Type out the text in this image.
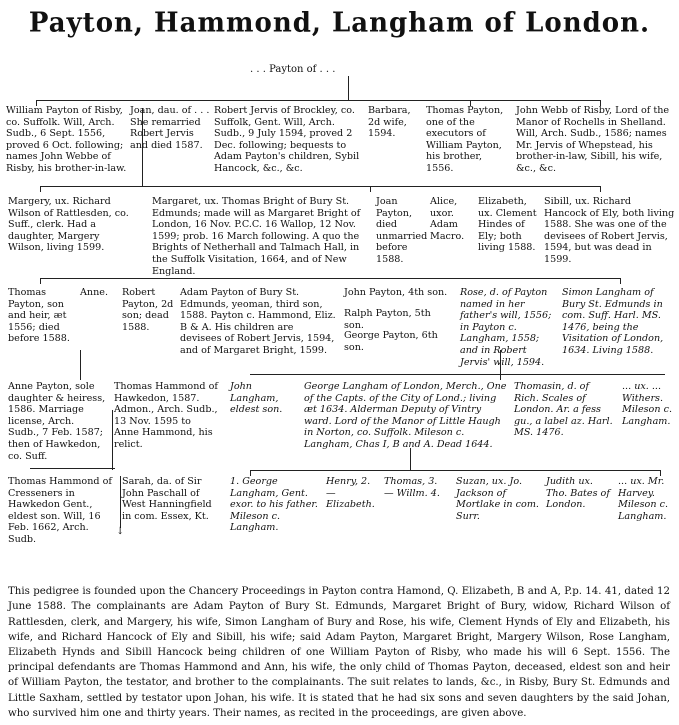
Payton, Hammond, Langham of London.
. . . Payton of . . .
↓

William Payton of Risby, co. Suffolk. Will, Arch. Sudb., 6 Sept. 1556, proved 6 Oct. following; names John Webbe of Risby, his brother-in-law.

Joan, dau. of . . . She remarried Robert Jervis and died 1587.

Robert Jervis of Brockley, co. Suffolk, Gent. Will, Arch. Sudb., 9 July 1594, proved 2 Dec. following; bequests to Adam Payton's children, Sybil Hancock, &c., &c.

Barbara, 2d wife, 1594.

Thomas Payton, one of the executors of William Payton, his brother, 1556.

John Webb of Risby, Lord of the Manor of Rochells in Shelland. Will, Arch. Sudb., 1586; names Mr. Jervis of Whepstead, his brother-in-law, Sibill, his wife, &c., &c.

Margery, ux. Richard Wilson of Rattlesden, co. Suff., clerk. Had a daughter, Margery Wilson, living 1599.

Margaret, ux. Thomas Bright of Bury St. Edmunds; made will as Margaret Bright of London, 16 Nov. P.C.C. 16 Wallop, 12 Nov. 1599; prob. 16 March following. A quo the Brights of Netherhall and Talmach Hall, in the Suffolk Visitation, 1664, and of New England.

Joan Payton, died unmarried before 1588.

Alice, uxor. Adam Macro.

Elizabeth, ux. Clement Hindes of Ely; both living 1588.

Sibill, ux. Richard Hancock of Ely, both living 1588. She was one of the devisees of Robert Jervis, 1594, but was dead in 1599.

Thomas Payton, son and heir, æt 1556; died before 1588.

Anne.	Robert Payton, 2d son; dead 1588.

Adam Payton of Bury St. Edmunds, yeoman, third son, 1588. Payton c. Hammond, Eliz. B & A. His children are devisees of Robert Jervis, 1594, and of Margaret Bright, 1599.

John Payton, 4th son.

Ralph Payton, 5th son.

George Payton, 6th son.

Rose, d. of Payton named in her father's will, 1556; in Payton c. Langham, 1558; and in Robert Jervis' will, 1594.

Simon Langham of Bury St. Edmunds in com. Suff. Harl. MS. 1476, being the Visitation of London, 1634. Living 1588.

Anne Payton, sole daughter & heiress, 1586. Marriage license, Arch. Sudb., 7 Feb. 1587; then of Hawkedon, co. Suff.

Thomas Hammond of Hawkedon, 1587. Admon., Arch. Sudb., 13 Nov. 1595 to Anne Hammond, his relict.

John Langham, eldest son.

George Langham of London, Merch., One of the Capts. of the City of Lond.; living æt 1634. Alderman Deputy of Vintry ward. Lord of the Manor of Little Haugh in Norton, co. Suffolk. Mileson c. Langham, Chas I, B and A. Dead 1644.

Thomasin, d. of Rich. Scales of London. Ar. a fess gu., a label az. Harl. MS. 1476.

... ux. ... Withers. Mileson c. Langham.

Thomas Hammond of Cresseners in Hawkedon Gent., eldest son. Will, 16 Feb. 1662, Arch. Sudb.

Sarah, da. of Sir John Paschall of West Hanningfield in com. Essex, Kt.

1. George Langham, Gent. exor. to his father. Mileson c. Langham.

Henry, 2. — Elizabeth.

Thomas, 3. — Willm. 4.

Suzan, ux. Jo. Jackson of Mortlake in com. Surr.

Judith ux. Tho. Bates of London.

... ux. Mr. Harvey. Mileson c. Langham.

This pedigree is founded upon the Chancery Proceedings in Payton contra Hamond, Q. Elizabeth, B and A, P.p. 14. 41, dated 12 June 1588. The complainants are Adam Payton of Bury St. Edmunds, Margaret Bright of Bury, widow, Richard Wilson of Rattlesden, clerk, and Margery, his wife, Simon Langham of Bury and Rose, his wife, Clement Hynds of Ely and Elizabeth, his wife, and Richard Hancock of Ely and Sibill, his wife; said Adam Payton, Margaret Bright, Margery Wilson, Rose Langham, Elizabeth Hynds and Sibill Hancock being children of one William Payton of Risby, who made his will 6 Sept. 1556. The principal defendants are Thomas Hammond and Ann, his wife, the only child of Thomas Payton, deceased, eldest son and heir of William Payton, the testator, and brother to the complainants. The suit relates to lands, &c., in Risby, Bury St. Edmunds and Little Saxham, settled by testator upon Johan, his wife. It is stated that he had six sons and seven daughters by the said Johan, who survived him one and thirty years. Their names, as recited in the proceedings, are given above.
